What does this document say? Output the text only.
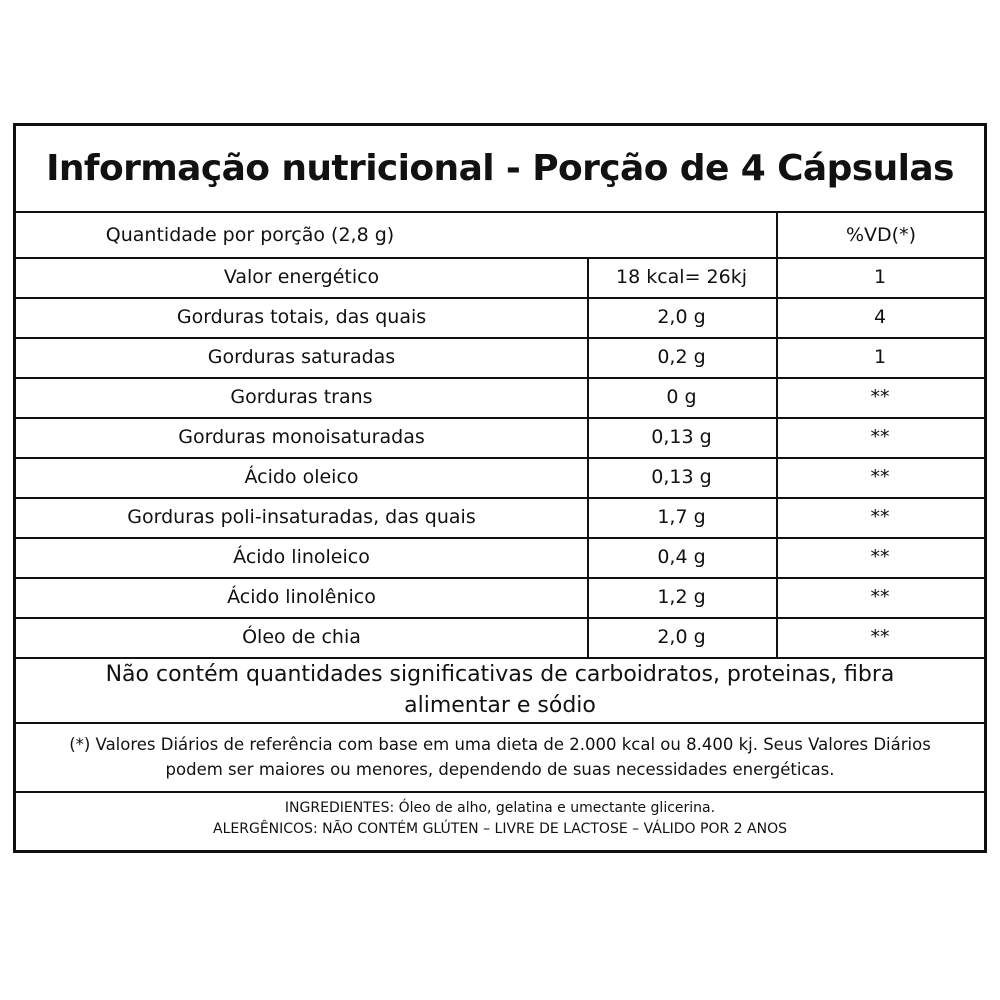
Informação nutricional - Porção de 4 Cápsulas
Quantidade por porção (2,8 g)	%VD(*)
Valor energético	18 kcal= 26kj	1
Gorduras totais, das quais	2,0 g	4
Gorduras saturadas	0,2 g	1
Gorduras trans	0 g	**
Gorduras monoisaturadas	0,13 g	**
Ácido oleico	0,13 g	**
Gorduras poli-insaturadas, das quais	1,7 g	**
Ácido linoleico	0,4 g	**
Ácido linolênico	1,2 g	**
Óleo de chia	2,0 g	**
Não contém quantidades significativas de carboidratos, proteinas, fibra
alimentar e sódio
(*) Valores Diários de referência com base em uma dieta de 2.000 kcal ou 8.400 kj. Seus Valores Diários
podem ser maiores ou menores, dependendo de suas necessidades energéticas.
INGREDIENTES: Óleo de alho, gelatina e umectante glicerina.
ALERGÊNICOS: NÃO CONTÉM GLÚTEN – LIVRE DE LACTOSE – VÁLIDO POR 2 ANOS
